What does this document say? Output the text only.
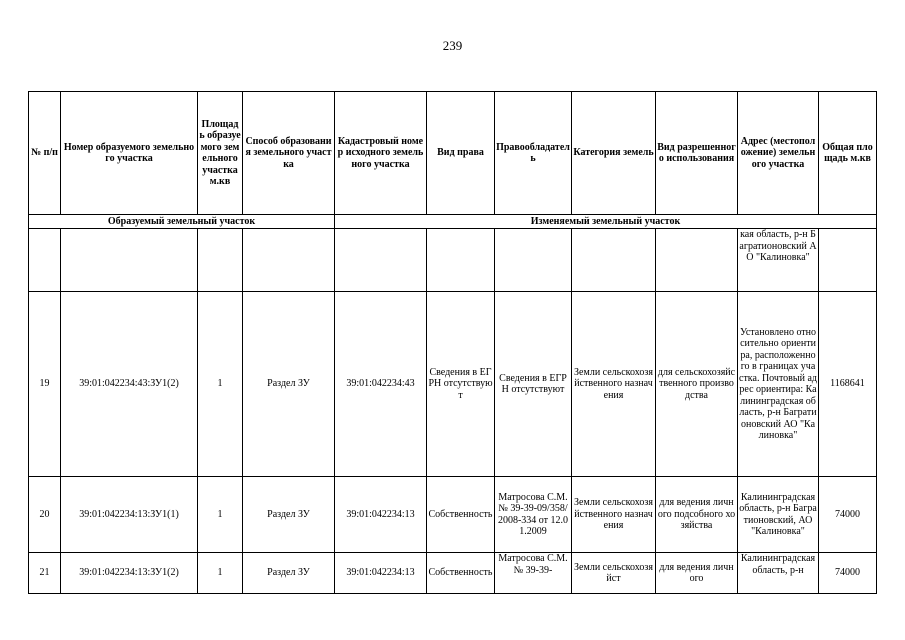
239
№ п/п	Номер образуемого земельного участка	Площадь образуемого земельного участка м.кв	Способ образования земельного участка	Кадастровый номер исходного земельного участка	Вид права	Правообладатель	Категория земель	Вид разрешенного использования	Адрес (местоположение) земельного участка	Общая площадь м.кв
Образуемый земельный участок				Изменяемый земельный участок						
									кая область, р-н Багратионовский АО "Калиновка"	
19	39:01:042234:43:ЗУ1(2)	1	Раздел ЗУ	39:01:042234:43	Сведения в ЕГРН отсутствуют	Сведения в ЕГРН отсутствуют	Земли сельскохозяйственного назначения	для сельскохозяйственного производства	Установлено относительно ориентира, расположенного в границах участка. Почтовый адрес ориентира: Калининградская область, р-н Багратионовский АО "Калиновка"	1168641
20	39:01:042234:13:ЗУ1(1)	1	Раздел ЗУ	39:01:042234:13	Собственность	Матросова С.М. № 39-39-09/358/2008-334 от 12.01.2009	Земли сельскохозяйственного назначения	для ведения личного подсобного хозяйства	Калининградская область, р-н Багратионовский, АО "Калиновка"	74000
21	39:01:042234:13:ЗУ1(2)	1	Раздел ЗУ	39:01:042234:13	Собственность	Матросова С.М. № 39-39-	Земли сельскохозяйст	для ведения личного	Калининградская область, р-н	74000
